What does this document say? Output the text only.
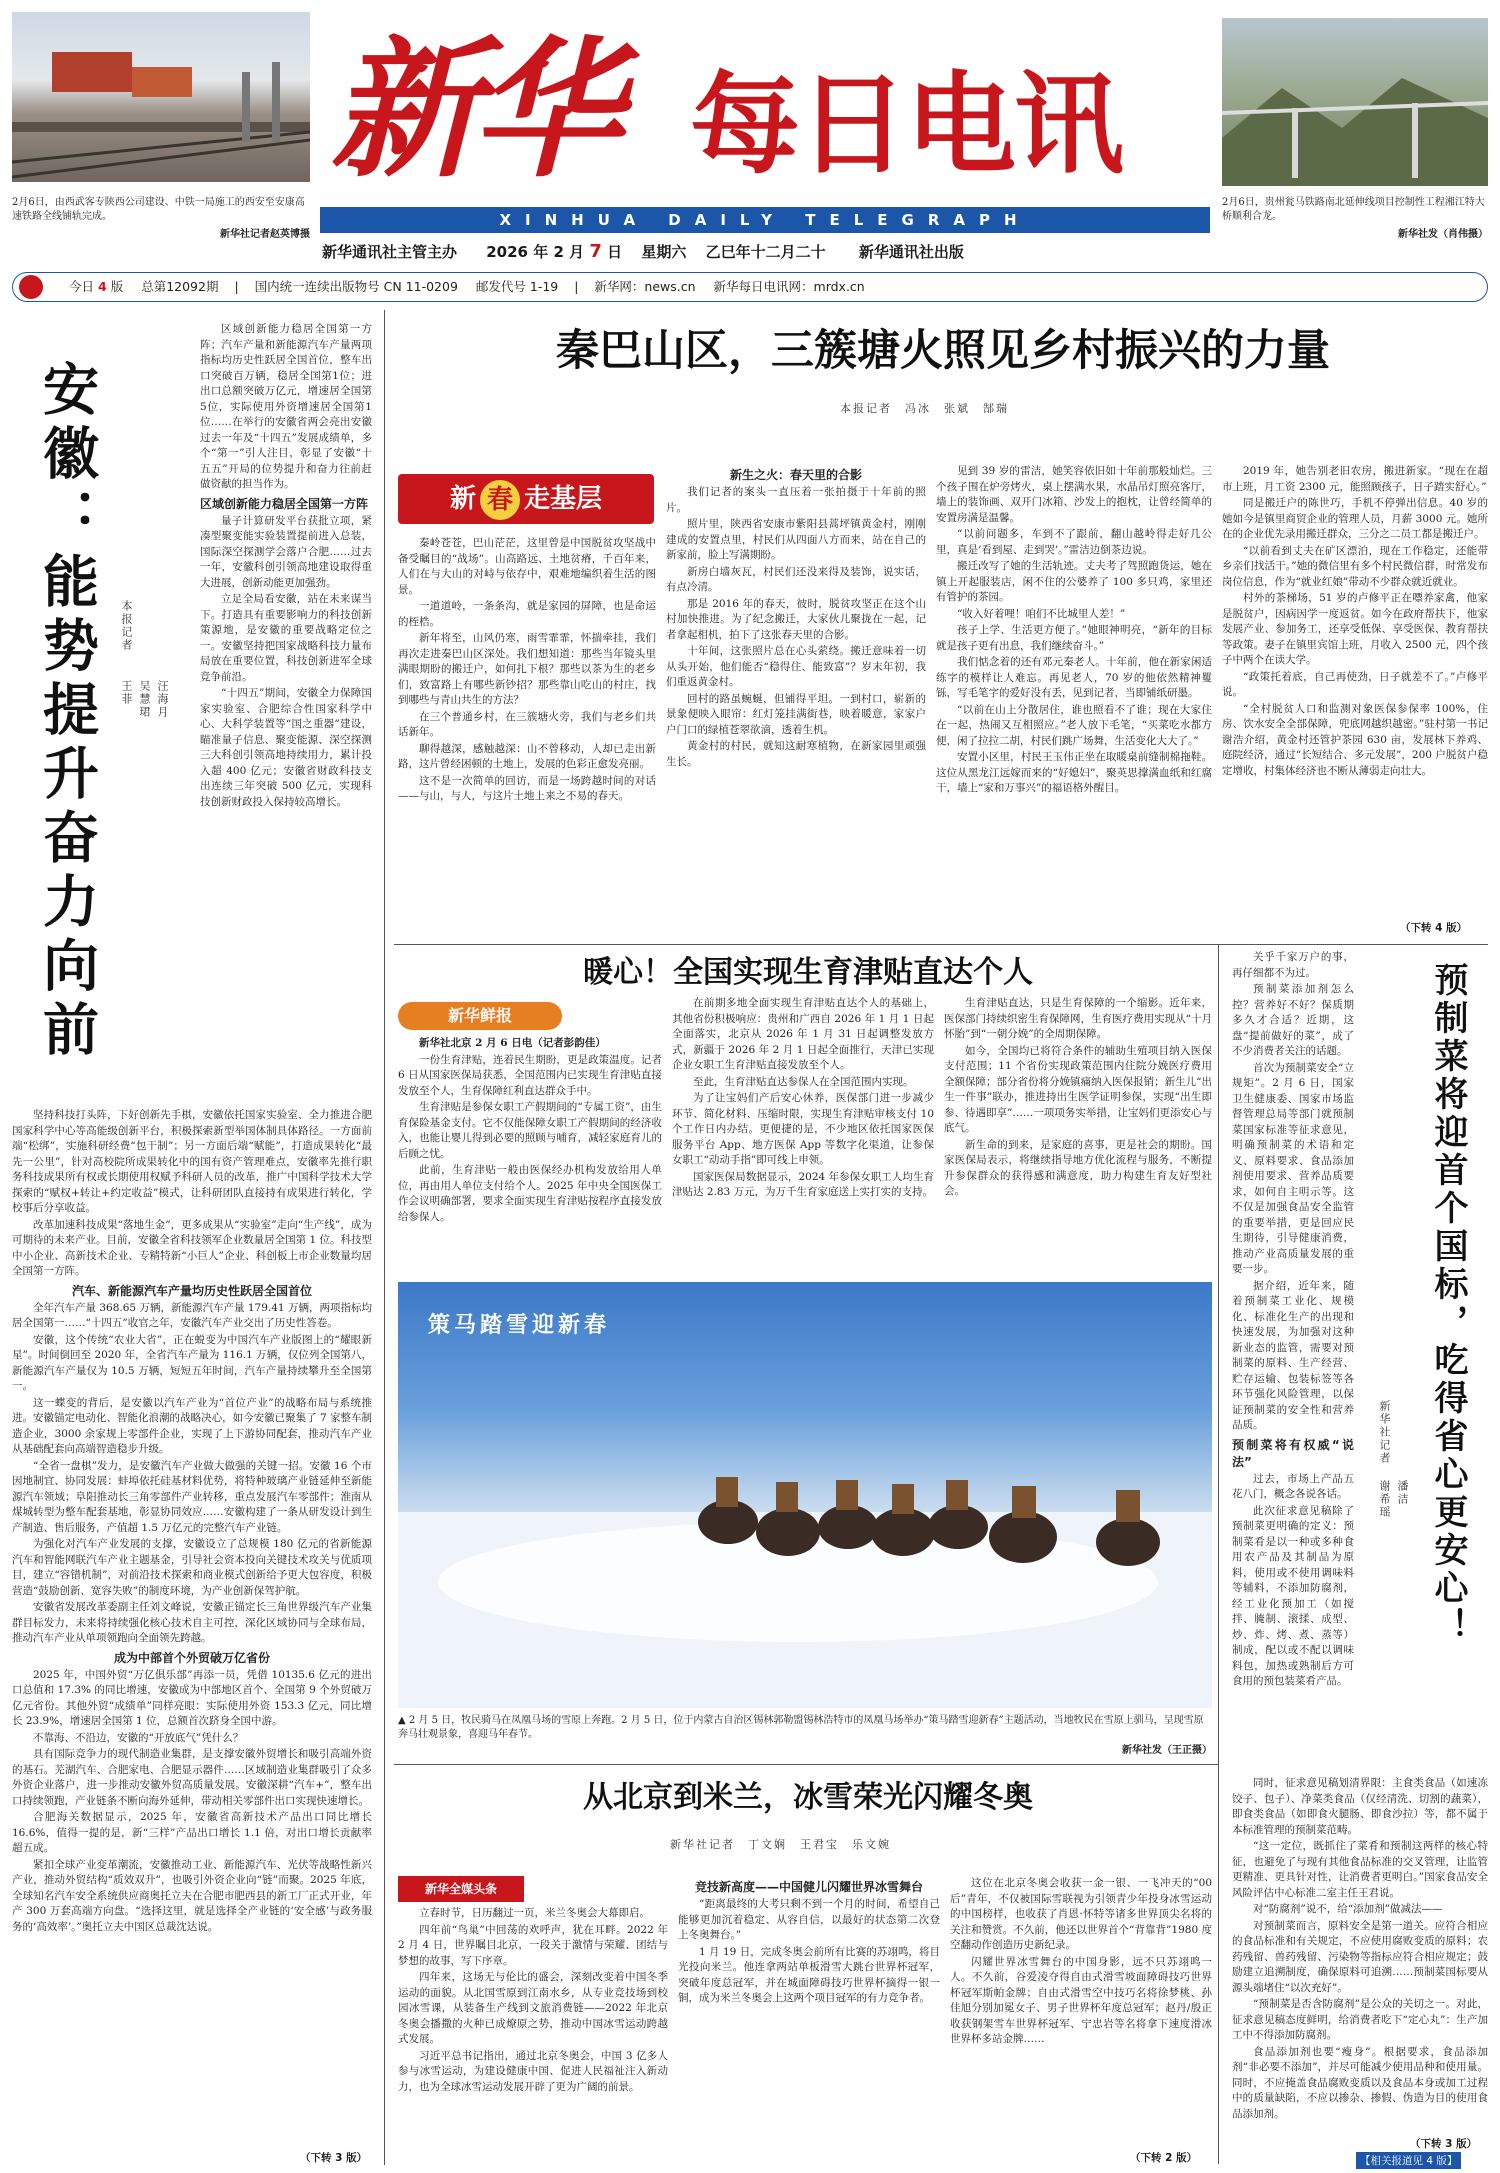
2月6日，由西武客专陕西公司建设、中铁一局施工的西安至安康高速铁路全线铺轨完成。
新华社记者赵英博摄
2月6日，贵州瓮马铁路南北延伸线项目控制性工程湘江特大桥顺利合龙。
新华社发（肖伟摄）
新华 每日电讯
XINHUA DAILY TELEGRAPH
新华通讯社主管主办 2026 年 2 月 7 日 星期六 乙巳年十二月二十 新华通讯社出版
今日 4 版 总第12092期 | 国内统一连续出版物号 CN 11-0209 邮发代号 1-19 | 新华网：news.cn 新华每日电讯网：mrdx.cn
安徽：能势提升奋力向前 本报记者
王菲 吴慧珺 汪海月

区域创新能力稳居全国第一方阵；汽车产量和新能源汽车产量两项指标均历史性跃居全国首位，整车出口突破百万辆，稳居全国第1位；进出口总额突破万亿元，增速居全国第5位，实际使用外资增速居全国第1位……在举行的安徽省两会亮出安徽过去一年及“十四五”发展成绩单，多个“第一”引人注目，彰显了安徽“十五五”开局的位势提升和奋力往前赶做资献的担当作为。

区域创新能力稳居全国第一方阵

量子计算研发平台获批立项，紧凑型聚变能实验装置提前进入总装，国际深空探测学会落户合肥……过去一年，安徽科创引领高地建设取得重大进展，创新动能更加强劲。

立足全局看安徽，站在未来谋当下。打造具有重要影响力的科技创新策源地，是安徽的重要战略定位之一。安徽坚持把国家战略科技力量布局放在重要位置，科技创新进军全球竞争前沿。

“十四五”期间，安徽全力保障国家实验室、合肥综合性国家科学中心、大科学装置等“国之重器”建设，瞄准量子信息、聚变能源、深空探测三大科创引领高地持续用力，累计投入超 400 亿元；安徽省财政科技支出连续三年突破 500 亿元，实现科技创新财政投入保持较高增长。

坚持科技打头阵，下好创新先手棋，安徽依托国家实验室、全力推进合肥国家科学中心等高能级创新平台，积极探索新型举国体制具体路径。一方面前端“松绑”，实施科研经费“包干制”；另一方面后端“赋能”，打造成果转化“最先一公里”，针对高校院所成果转化中的国有资产管理难点，安徽率先推行职务科技成果所有权或长期使用权赋予科研人员的改革，推广中国科学技术大学探索的“赋权+转让+约定收益”模式，让科研团队直接持有成果进行转化，学校事后分享收益。

改革加速科技成果“落地生金”，更多成果从“实验室”走向“生产线”，成为可期待的未来产业。目前，安徽全省科技领军企业数量居全国第 1 位。科技型中小企业、高新技术企业、专精特新“小巨人”企业、科创板上市企业数量均居全国第一方阵。

汽车、新能源汽车产量均历史性跃居全国首位

全年汽车产量 368.65 万辆，新能源汽车产量 179.41 万辆，两项指标均居全国第一……“十四五”收官之年，安徽汽车产业交出了历史性答卷。

安徽，这个传统“农业大省”，正在蜕变为中国汽车产业版图上的“耀眼新星”。时间倒回至 2020 年，全省汽车产量为 116.1 万辆，仅位列全国第八，新能源汽车产量仅为 10.5 万辆，短短五年时间，汽车产量持续攀升至全国第一。

这一蝶变的背后，是安徽以汽车产业为“首位产业”的战略布局与系统推进。安徽锚定电动化、智能化浪潮的战略决心，如今安徽已聚集了 7 家整车制造企业，3000 余家规上零部件企业，实现了上下游协同配套，推动汽车产业从基础配套向高端智造稳步升级。

“全省一盘棋”发力，是安徽汽车产业做大做强的关键一招。安徽 16 个市因地制宜、协同发展：蚌埠依托硅基材料优势，将特种玻璃产业链延伸至新能源汽车领域；阜阳推动长三角零部件产业转移，重点发展汽车零部件；淮南从煤城转型为整车配套基地，彰显协同效应……安徽构建了一条从研发设计到生产制造、售后服务，产值超 1.5 万亿元的完整汽车产业链。

为强化对汽车产业发展的支撑，安徽设立了总规模 180 亿元的省新能源汽车和智能网联汽车产业主题基金，引导社会资本投向关键技术攻关与优质项目，建立“容错机制”，对前沿技术探索和商业模式创新给予更大包容度，积极营造“鼓励创新、宽容失败”的制度环境，为产业创新保驾护航。

安徽省发展改革委副主任刘文峰说，安徽正锚定长三角世界级汽车产业集群目标发力，未来将持续强化核心技术自主可控，深化区域协同与全球布局，推动汽车产业从单项领跑向全面领先跨越。

成为中部首个外贸破万亿省份

2025 年，中国外贸“万亿俱乐部”再添一员，凭借 10135.6 亿元的进出口总值和 17.3% 的同比增速，安徽成为中部地区首个、全国第 9 个外贸破万亿元省份。其他外贸“成绩单”同样亮眼：实际使用外资 153.3 亿元，同比增长 23.9%，增速居全国第 1 位，总额首次跻身全国中游。

不靠海、不沿边，安徽的“开放底气”凭什么？

具有国际竞争力的现代制造业集群，是支撑安徽外贸增长和吸引高端外资的基石。芜湖汽车、合肥家电、合肥显示器件……区域制造业集群吸引了众多外资企业落户，进一步推动安徽外贸高质量发展。安徽深耕“汽车+”，整车出口持续领跑，产业链条不断向海外延伸，带动相关零部件出口实现快速增长。

合肥海关数据显示，2025 年，安徽省高新技术产品出口同比增长 16.6%，值得一提的是，新“三样”产品出口增长 1.1 倍，对出口增长贡献率超五成。

紧扣全球产业变革潮流，安徽推动工业、新能源汽车、光伏等战略性新兴产业，推动外贸结构“质效双升”，也吸引外资企业向“链”而聚。2025 年底，全球知名汽车安全系统供应商奥托立夫在合肥市肥西县的新工厂正式开业，年产 300 万套高端方向盘。“选择这里，就是选择全产业链的‘安全感’与政务服务的‘高效率’。”奥托立夫中国区总裁沈达说。

（下转 3 版）
秦巴山区，三簇塘火照见乡村振兴的力量
本报记者　冯冰　张斌　郜瑞
新 春 走基层

秦岭苍苍，巴山茫茫，这里曾是中国脱贫攻坚战中备受瞩目的“战场”。山高路远、土地贫瘠，千百年来，人们在与大山的对峙与依存中，艰难地编织着生活的图景。

一道道岭，一条条沟，就是家园的屏障，也是命运的桎梏。

新年将至，山风仍寒，雨雪霏霏，怀揣牵挂，我们再次走进秦巴山区深处。我们想知道：那些当年镜头里满眼期盼的搬迁户，如何扎下根？那些以茶为生的老乡们，致富路上有哪些新钞招？那些靠山吃山的村庄，找到哪些与青山共生的方法？

在三个普通乡村，在三簇塘火旁，我们与老乡们共话新年。

聊得越深，感触越深：山不曾移动，人却已走出新路，这片曾经困顿的土地上，发展的色彩正愈发亮丽。

这不是一次简单的回访，而是一场跨越时间的对话——与山，与人，与这片土地上来之不易的春天。

新生之火：春天里的合影

我们记者的案头一直压着一张拍摄于十年前的照片。

照片里，陕西省安康市紫阳县蒿坪镇黄金村，刚刚建成的安置点里，村民们从四面八方而来，站在自己的新家前，脸上写满期盼。

新房白墙灰瓦，村民们还没来得及装饰，说实话，有点冷清。

那是 2016 年的春天，彼时，脱贫攻坚正在这个山村加快推进。为了纪念搬迁，大家伙儿聚拢在一起，记者拿起相机，拍下了这张春天里的合影。

十年间，这张照片总在心头萦绕。搬迁意味着一切从头开始，他们能否“稳得住、能致富”？岁末年初，我们重返黄金村。

回村的路虽蜿蜒，但铺得平坦。一到村口，崭新的景象便映入眼帘：红灯笼挂满街巷，映着暖意，家家户户门口的绿植苍翠欲滴，透着生机。

黄金村的村民，就知这耐寒植物，在新家园里顽强生长。

见到 39 岁的雷洁，她笑容依旧如十年前那般灿烂。三个孩子围在炉旁烤火，桌上摆满水果，水晶吊灯照亮客厅，墙上的装饰画、双开门冰箱、沙发上的抱枕，让曾经简单的安置房满是温馨。

“以前问题多，车到不了跟前，翻山越岭得走好几公里，真是‘看到屋、走到哭’。”雷洁边倒茶边说。

搬迁改写了她的生活轨迹。丈夫考了驾照跑货运，她在镇上开起服装店，闲不住的公婆养了 100 多只鸡，家里还有管护的茶园。

“收入好着哩！咱们不比城里人差！”

孩子上学、生活更方便了。”她眼神明亮，“新年的目标就是孩子更有出息，我们继续奋斗。”

我们惦念着的还有邓元秦老人。十年前，他在新家闲适练字的模样让人难忘。再见老人，70 岁的他依然精神矍铄，写毛笔字的爱好没有丢，见到记者，当即铺纸研墨。

“以前在山上分散居住，谁也照看不了谁；现在大家住在一起，热闹又互相照应。”老人放下毛笔，“买菜吃水都方便，闲了拉拉二胡，村民们跳广场舞，生活变化大大了。”

安置小区里，村民王玉伟正坐在取暖桌前缝制棉拖鞋。这位从黑龙江远嫁而来的“好媳妇”，聚英思撑满血纸和红腐干，墙上“家和万事兴”的福语格外醒目。

2019 年，她告别老旧农房，搬进新家。“现在在超市上班，月工资 2300 元，能照顾孩子，日子踏实舒心。”

同是搬迁户的陈世巧，手机不停弹出信息。40 岁的她如今是镇里商贸企业的管理人员，月薪 3000 元。她所在的企业优先录用搬迁群众，三分之二员工都是搬迁户。

“以前看到丈夫在矿区漂泊，现在工作稳定，还能带乡亲们找活干。”她的微信里有多个村民微信群，时常发布岗位信息，作为“就业红娘”带动不少群众就近就业。

村外的茶梯场，51 岁的卢修平正在嘌养家禽，他家是脱贫户，因病因学一度返贫。如今在政府帮扶下，他家发展产业、参加务工，还享受低保、享受医保、教育帮扶等政策。妻子在镇里宾馆上班，月收入 2500 元，四个孩子中两个在读大学。

“政策托着底，自己再使劲，日子就差不了。”卢修平说。

“全村脱贫人口和监测对象医保参保率 100%，住房、饮水安全全部保障，兜底网越织越密。”驻村第一书记谢浩介绍，黄金村还管护茶园 630 亩，发展林下养鸡、庭院经济，通过“长短结合、多元发展”，200 户脱贫户稳定增收，村集体经济也不断从薄弱走向壮大。

（下转 4 版）
暖心！全国实现生育津贴直达个人
新华鲜报

新华社北京 2 月 6 日电（记者彭韵佳）

一份生育津贴，连着民生期盼，更是政策温度。记者 6 日从国家医保局获悉，全国范围内已实现生育津贴直接发放至个人，生育保障红利直达群众手中。

生育津贴是参保女职工产假期间的“专属工资”，由生育保险基金支付。它不仅能保障女职工产假期间的经济收入，也能让婴儿得到必要的照顾与哺育，减轻家庭育儿的后顾之忧。

此前，生育津贴一般由医保经办机构发放给用人单位，再由用人单位支付给个人。2025 年中央全国医保工作会议明确部署，要求全面实现生育津贴按程序直接发放给参保人。

在前期多地全面实现生育津贴直达个人的基础上，其他省份积极响应：贵州和广西自 2026 年 1 月 1 日起全面落实，北京从 2026 年 1 月 31 日起调整发放方式，新疆于 2026 年 2 月 1 日起全面推行，天津已实现企业女职工生育津贴直接发放至个人。

至此，生育津贴直达参保人在全国范围内实现。

为了让宝妈们产后安心休养，医保部门进一步减少环节、简化材料、压缩时限，实现生育津贴审核支付 10 个工作日内办结。更便捷的是，不少地区依托国家医保服务平台 App、地方医保 App 等数字化渠道，让参保女职工“动动手指”即可线上申领。

国家医保局数据显示，2024 年参保女职工人均生育津贴达 2.83 万元，为万千生育家庭送上实打实的支持。

生育津贴直达，只是生育保障的一个缩影。近年来，医保部门持续织密生育保障网，生育医疗费用实现从“十月怀胎”到“一朝分娩”的全周期保障。

如今，全国均已将符合条件的辅助生殖项目纳入医保支付范围；11 个省份实现政策范围内住院分娩医疗费用全额保障；部分省份将分娩镇痛纳入医保报销；新生儿“出生一件事”联办，推进持出生医学证明参保，实现“出生即参、待遇即享”……一项项务实举措，让宝妈们更添安心与底气。

新生命的到来，是家庭的喜事，更是社会的期盼。国家医保局表示，将继续指导地方优化流程与服务，不断提升参保群众的获得感和满意度，助力构建生育友好型社会。

策马踏雪迎新春
▲ 2 月 5 日，牧民骑马在凤凰马场的雪原上奔跑。2 月 5 日，位于内蒙古自治区锡林郭勒盟锡林浩特市的凤凰马场举办“策马踏雪迎新春”主题活动，当地牧民在雪原上驯马，呈现雪原奔马壮观景象，喜迎马年春节。
新华社发（王正摄）
从北京到米兰，冰雪荣光闪耀冬奥
新华社记者　丁文娴　王君宝　乐文婉
新华全媒头条

立春时节，日历翻过一页，米兰冬奥会大幕即启。

四年前“鸟巢”中回荡的欢呼声，犹在耳畔。2022 年 2 月 4 日，世界瞩目北京，一段关于激情与荣耀、团结与梦想的故事，写下序章。

四年来，这场无与伦比的盛会，深刻改变着中国冬季运动的面貌。从北国雪原到江南水乡，从专业竞技场到校园冰雪课，从装备生产线到文旅消费链——2022 年北京冬奥会播撒的火种已成燎原之势，推动中国冰雪运动跨越式发展。

习近平总书记指出，通过北京冬奥会，中国 3 亿多人参与冰雪运动，为建设健康中国、促进人民福祉注入新动力，也为全球冰雪运动发展开辟了更为广阔的前景。

竞技新高度——中国健儿闪耀世界冰雪舞台

“距离最终的大考只剩不到一个月的时间，希望自己能够更加沉着稳定、从容自信，以最好的状态第二次登上冬奥舞台。”

1 月 19 日，完成冬奥会前所有比赛的苏翊鸣，将目光投向米兰。他连拿两站单板滑雪大跳台世界杯冠军，突破年度总冠军，并在城面障碍技巧世界杯摘得一银一铜，成为米兰冬奥会上这两个项目冠军的有力竞争者。

这位在北京冬奥会收获一金一银、一飞冲天的“00 后”青年，不仅被国际雪联视为引领青少年投身冰雪运动的中国榜样，也收获了肖恩·怀特等诸多世界顶尖名将的关注和赞赏。不久前，他还以世界首个“背靠背”1980 度空翻动作创造历史新纪录。

闪耀世界冰雪舞台的中国身影，远不只苏翊鸣一人。不久前，谷爱凌夺得自由式滑雪坡面障碍技巧世界杯冠军斯帕金牌；自由式滑雪空中技巧名将徐梦桃、孙佳旭分别加冕女子、男子世界杯年度总冠军；赵丹/殷正收获钢架雪车世界杯冠军、宁忠岩等名将拿下速度滑冰世界杯多站金牌……

（下转 2 版）

关乎千家万户的事，再仔细都不为过。

预制菜添加剂怎么控？营养好不好？保质期多久才合适？近期，这盘“提前做好的菜”，成了不少消费者关注的话题。

首次为预制菜安全“立规矩”。2 月 6 日，国家卫生健康委、国家市场监督管理总局等部门就预制菜国家标准等征求意见，明确预制菜的术语和定义、原料要求、食品添加剂使用要求、营养品质要求，如何自主明示等。这不仅是加强食品安全监管的重要举措，更是回应民生期待，引导健康消费，推动产业高质量发展的重要一步。

据介绍，近年来，随着预制菜工业化、规模化、标准化生产的出现和快速发展，为加强对这种新业态的监管，需要对预制菜的原料、生产经营、贮存运输、包装标签等各环节强化风险管理，以保证预制菜的安全性和营养品质。

预制菜将有权威“说法”

过去，市场上产品五花八门，概念各说各话。

此次征求意见稿除了预制菜更明确的定义：预制菜肴是以一种或多种食用农产品及其制品为原料，使用或不使用调味料等辅料，不添加防腐剂，经工业化预加工（如搅拌、腌制、滚揉、成型、炒、炸、烤、煮、蒸等）制成，配以或不配以调味料包，加热或熟制后方可食用的预包装菜肴产品。

预制菜将迎首个国标，吃得省心更安心！
新华社记者
谢希瑶 潘洁

同时，征求意见稿划清界限：主食类食品（如速冻饺子、包子）、净菜类食品（仅经清洗、切割的蔬菜），即食类食品（如即食火腿肠、即食沙拉）等，都不属于本标准管理的预制菜范畴。

“这一定位，既抓住了菜肴和预制这两样的核心特征，也避免了与现有其他食品标准的交叉管理，让监管更精准、更具针对性，让消费者更明白。”国家食品安全风险评估中心标准二室主任王君说。

对“防腐剂”说不，给“添加剂”做减法——

对预制菜而言，原料安全是第一道关。应符合相应的食品标准和有关规定，不应使用腐败变质的原料；农药残留、兽药残留、污染物等指标应符合相应规定；鼓励建立追溯制度，确保原料可追溯……预制菜国标要从源头端堵住“以次充好”。

“预制菜是否含防腐剂”是公众的关切之一。对此，征求意见稿态度鲜明，给消费者吃下“定心丸”：生产加工中不得添加防腐剂。

食品添加剂也要“瘦身”。根据要求，食品添加剂“非必要不添加”，并尽可能减少使用品种和使用量。同时，不应掩盖食品腐败变质以及食品本身或加工过程中的质量缺陷，不应以掺杂、掺假、伪造为目的使用食品添加剂。

（下转 3 版）
【相关报道见 4 版】
